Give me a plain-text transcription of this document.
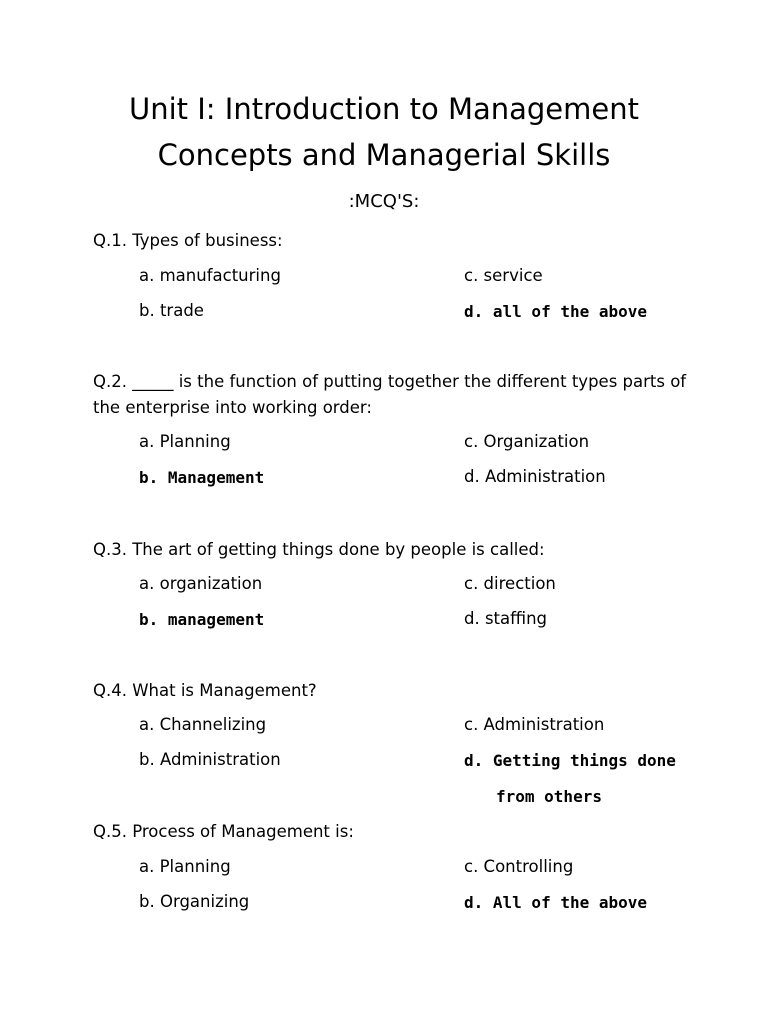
Unit I: Introduction to Management
Concepts and Managerial Skills
:MCQ'S:
Q.1. Types of business:
a. manufacturing	c. service
b. trade	d. all of the above
Q.2. _____ is the function of putting together the different types parts of the enterprise into working order:
a. Planning	c. Organization
b. Management	d. Administration
Q.3. The art of getting things done by people is called:
a. organization	c. direction
b. management	d. staffing
Q.4. What is Management?
a. Channelizing	c. Administration
b. Administration	d. Getting things done
from others
Q.5. Process of Management is:
a. Planning	c. Controlling
b. Organizing	d. All of the above
